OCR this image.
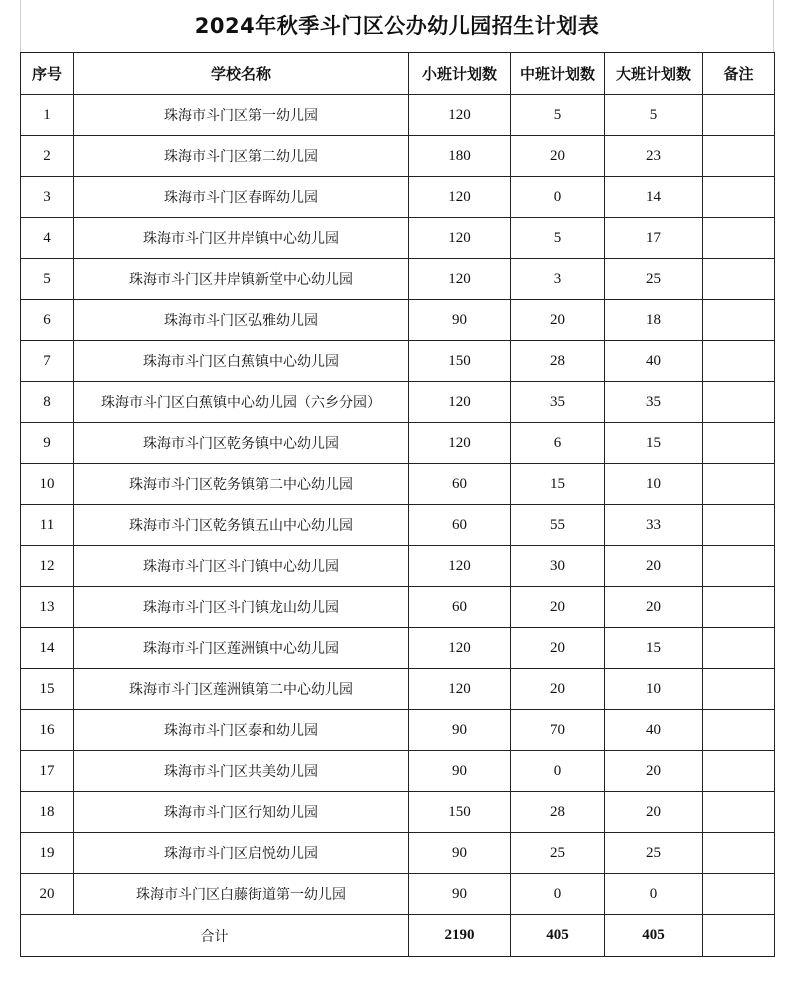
2024年秋季斗门区公办幼儿园招生计划表
序号	学校名称	小班计划数	中班计划数	大班计划数	备注
1	珠海市斗门区第一幼儿园	120	5	5	
2	珠海市斗门区第二幼儿园	180	20	23	
3	珠海市斗门区春晖幼儿园	120	0	14	
4	珠海市斗门区井岸镇中心幼儿园	120	5	17	
5	珠海市斗门区井岸镇新堂中心幼儿园	120	3	25	
6	珠海市斗门区弘雅幼儿园	90	20	18	
7	珠海市斗门区白蕉镇中心幼儿园	150	28	40	
8	珠海市斗门区白蕉镇中心幼儿园（六乡分园）	120	35	35	
9	珠海市斗门区乾务镇中心幼儿园	120	6	15	
10	珠海市斗门区乾务镇第二中心幼儿园	60	15	10	
11	珠海市斗门区乾务镇五山中心幼儿园	60	55	33	
12	珠海市斗门区斗门镇中心幼儿园	120	30	20	
13	珠海市斗门区斗门镇龙山幼儿园	60	20	20	
14	珠海市斗门区莲洲镇中心幼儿园	120	20	15	
15	珠海市斗门区莲洲镇第二中心幼儿园	120	20	10	
16	珠海市斗门区泰和幼儿园	90	70	40	
17	珠海市斗门区共美幼儿园	90	0	20	
18	珠海市斗门区行知幼儿园	150	28	20	
19	珠海市斗门区启悦幼儿园	90	25	25	
20	珠海市斗门区白藤街道第一幼儿园	90	0	0	
合计		2190	405	405	
